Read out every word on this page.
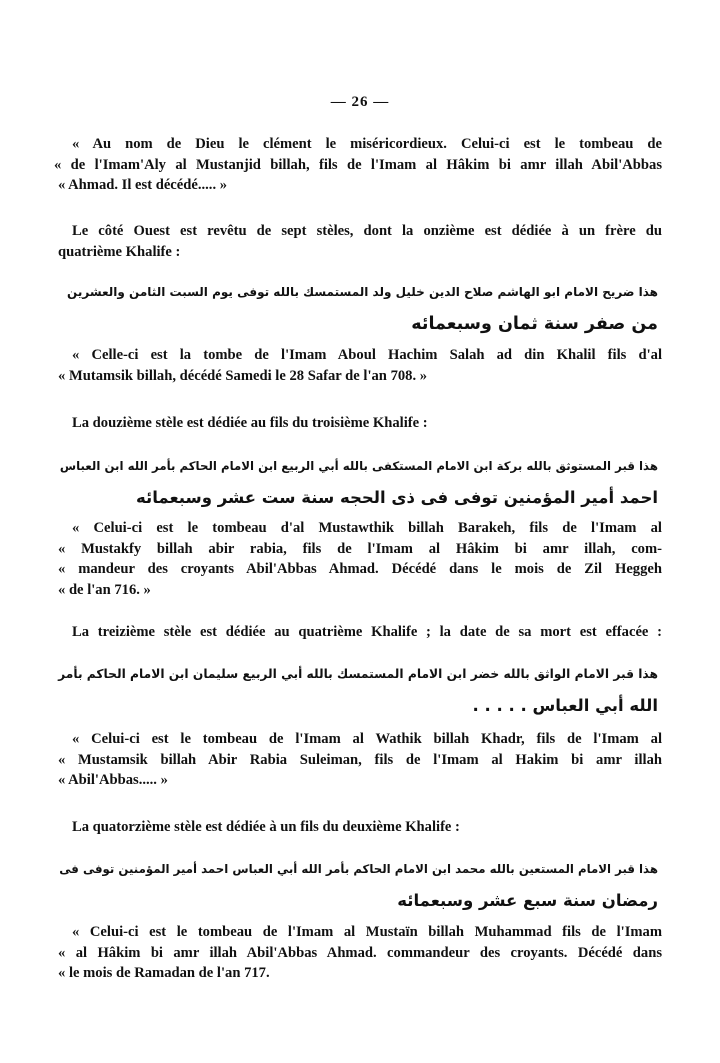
— 26 —
« Au nom de Dieu le clément le miséricordieux. Celui-ci est le tombeau de
« de l'Imam'Aly al Mustanjid billah, fils de l'Imam al Hâkim bi amr illah Abil'Abbas
« Ahmad. Il est décédé..... »
Le côté Ouest est revêtu de sept stèles, dont la onzième est dédiée à un frère du
quatrième Khalife :
هذا ضريح الامام ابو الهاشم صلاح الدين خليل ولد المستمسك بالله توفى يوم السبت الثامن والعشرين
من صفر سنة ثمان وسبعمائه
« Celle-ci est la tombe de l'Imam Aboul Hachim Salah ad din Khalil fils d'al
« Mutamsik billah, décédé Samedi le 28 Safar de l'an 708. »
La douzième stèle est dédiée au fils du troisième Khalife :
هذا قبر المستوثق بالله بركة ابن الامام المستكفى بالله أبي الربيع ابن الامام الحاكم بأمر الله ابن العباس
احمد أمير المؤمنين توفى فى ذى الحجه سنة ست عشر وسبعمائه
« Celui-ci est le tombeau d'al Mustawthik billah Barakeh, fils de l'Imam al
« Mustakfy billah abir rabia, fils de l'Imam al Hâkim bi amr illah, com-
« mandeur des croyants Abil'Abbas Ahmad. Décédé dans le mois de Zil Heggeh
« de l'an 716. »
La treizième stèle est dédiée au quatrième Khalife ; la date de sa mort est effacée :
هذا قبر الامام الواثق بالله خضر ابن الامام المستمسك بالله أبي الربيع سليمان ابن الامام الحاكم بأمر
الله أبي العباس . . . . .
« Celui-ci est le tombeau de l'Imam al Wathik billah Khadr, fils de l'Imam al
« Mustamsik billah Abir Rabia Suleiman, fils de l'Imam al Hakim bi amr illah
« Abil'Abbas..... »
La quatorzième stèle est dédiée à un fils du deuxième Khalife :
هذا قبر الامام المستعين بالله محمد ابن الامام الحاكم بأمر الله أبي العباس احمد أمير المؤمنين توفى فى
رمضان سنة سبع عشر وسبعمائه
« Celui-ci est le tombeau de l'Imam al Mustaïn billah Muhammad fils de l'Imam
« al Hâkim bi amr illah Abil'Abbas Ahmad. commandeur des croyants. Décédé dans
« le mois de Ramadan de l'an 717.
